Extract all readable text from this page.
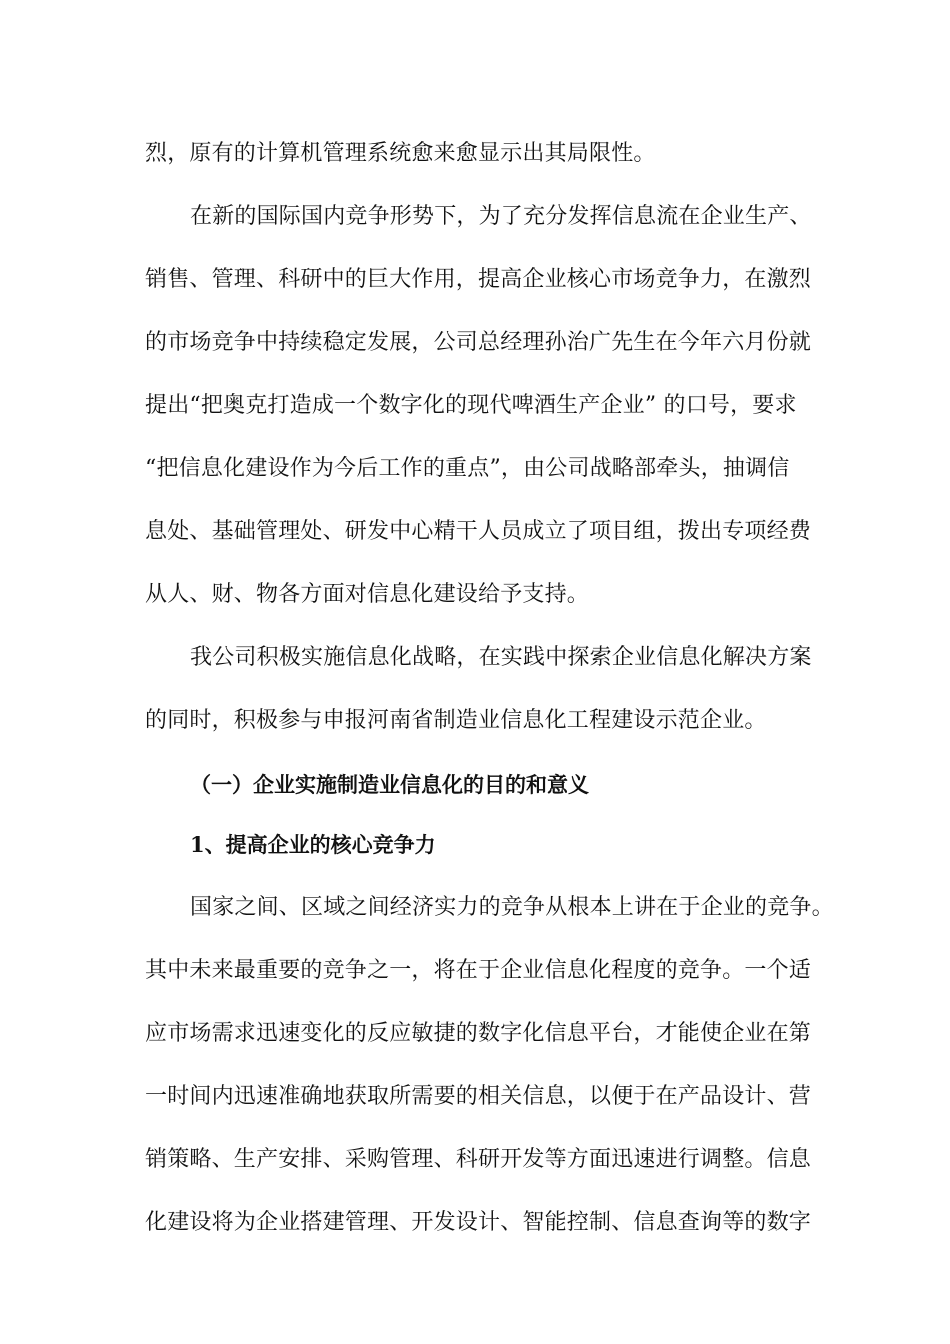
烈，原有的计算机管理系统愈来愈显示出其局限性。
在新的国际国内竞争形势下，为了充分发挥信息流在企业生产、
销售、管理、科研中的巨大作用，提高企业核心市场竞争力，在激烈
的市场竞争中持续稳定发展，公司总经理孙治广先生在今年六月份就
提出“把奥克打造成一个数字化的现代啤酒生产企业” 的口号，要求
“把信息化建设作为今后工作的重点”，由公司战略部牵头，抽调信
息处、基础管理处、研发中心精干人员成立了项目组，拨出专项经费
从人、财、物各方面对信息化建设给予支持。
我公司积极实施信息化战略，在实践中探索企业信息化解决方案
的同时，积极参与申报河南省制造业信息化工程建设示范企业。
（一）企业实施制造业信息化的目的和意义
1、提高企业的核心竞争力
国家之间、区域之间经济实力的竞争从根本上讲在于企业的竞争。
其中未来最重要的竞争之一，将在于企业信息化程度的竞争。一个适
应市场需求迅速变化的反应敏捷的数字化信息平台，才能使企业在第
一时间内迅速准确地获取所需要的相关信息，以便于在产品设计、营
销策略、生产安排、采购管理、科研开发等方面迅速进行调整。信息
化建设将为企业搭建管理、开发设计、智能控制、信息查询等的数字
